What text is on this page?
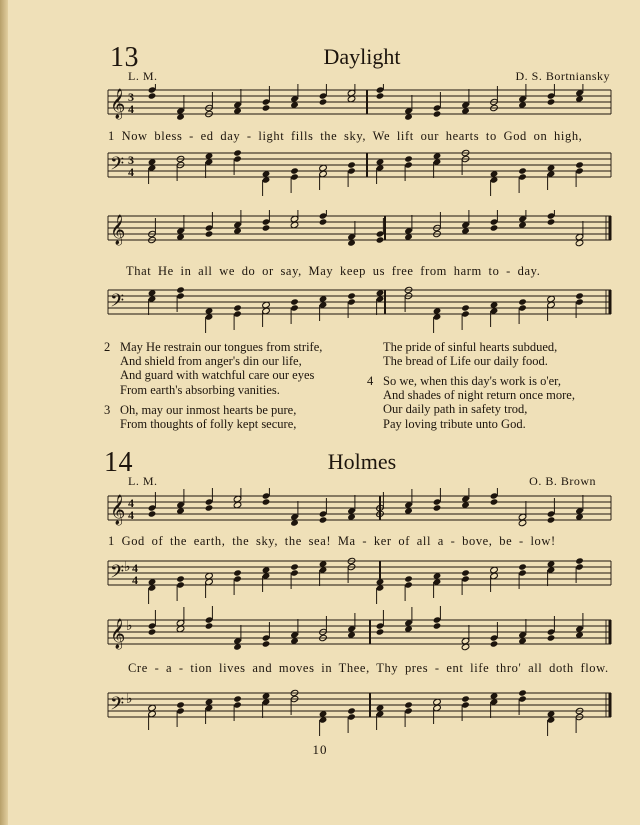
13	Daylight
L. M.	D. S. Bortniansky
𝄞 3
4
1 Now bless - ed day - light fills the sky, We lift our hearts to God on high,
𝄢 3
4
𝄞
That He in all we do or say, May keep us free from harm to - day.
𝄢
2 May He restrain our tongues from strife,
And shield from anger's din our life,
And guard with watchful care our eyes
From earth's absorbing vanities.
3 Oh, may our inmost hearts be pure,
From thoughts of folly kept secure,
The pride of sinful hearts subdued,
The bread of Life our daily food.
4 So we, when this day's work is o'er,
And shades of night return once more,
Our daily path in safety trod,
Pay loving tribute unto God.
14	Holmes
L. M.	O. B. Brown
𝄞 4
4
1 God of the earth, the sky, the sea! Ma - ker of all a - bove, be - low!
𝄢 ♭ 4
4
𝄞 ♭
Cre - a - tion lives and moves in Thee, Thy pres - ent life thro' all doth flow.
𝄢 ♭
10
